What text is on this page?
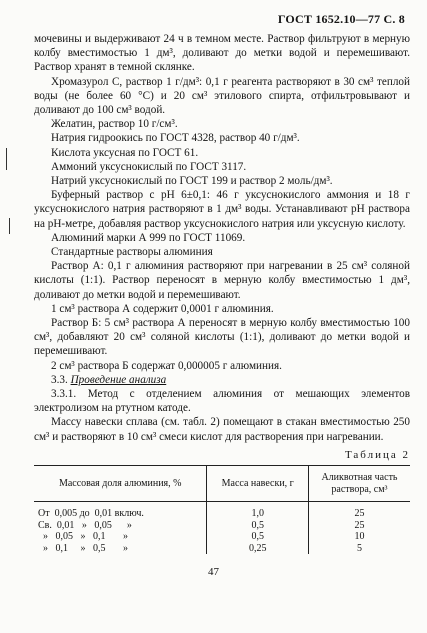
ГОСТ 1652.10—77 С. 8

мочевины и выдерживают 24 ч в темном месте. Раствор фильтруют в мерную колбу вместимостью 1 дм³, доливают до метки водой и перемешивают. Раствор хранят в темной склянке.

Хромазурол С, раствор 1 г/дм³: 0,1 г реагента растворяют в 30 см³ теплой воды (не более 60 °С) и 20 см³ этилового спирта, отфильтровывают и доливают до 100 см³ водой.

Желатин, раствор 10 г/см³.

Натрия гидроокись по ГОСТ 4328, раствор 40 г/дм³.

Кислота уксусная по ГОСТ 61.

Аммоний уксуснокислый по ГОСТ 3117.

Натрий уксуснокислый по ГОСТ 199 и раствор 2 моль/дм³.

Буферный раствор с pH 6±0,1: 46 г уксуснокислого аммония и 18 г уксуснокислого натрия растворяют в 1 дм³ воды. Устанавливают pH раствора на pH-метре, добавляя раствор уксуснокислого натрия или уксусную кислоту.

Алюминий марки А 999 по ГОСТ 11069.

Стандартные растворы алюминия

Раствор А: 0,1 г алюминия растворяют при нагревании в 25 см³ соляной кислоты (1:1). Раствор переносят в мерную колбу вместимостью 1 дм³, доливают до метки водой и перемешивают.

1 см³ раствора А содержит 0,0001 г алюминия.

Раствор Б: 5 см³ раствора А переносят в мерную колбу вместимостью 100 см³, добавляют 20 см³ соляной кислоты (1:1), доливают до метки водой и перемешивают.

2 см³ раствора Б содержат 0,000005 г алюминия.

3.3. Проведение анализа

3.3.1. Метод с отделением алюминия от мешающих элементов электролизом на ртутном катоде.

Массу навески сплава (см. табл. 2) помещают в стакан вместимостью 250 см³ и растворяют в 10 см³ смеси кислот для растворения при нагревании.

Таблица 2
Массовая доля алюминия, %	Масса навески, г	Аликвотная часть раствора, см³
От  0,005 до  0,01 включ.	1,0	25
Св.  0,01   »   0,05      »	0,5	25
»   0,05   »   0,1       »	0,5	10
»   0,1     »   0,5       »	0,25	5
47
